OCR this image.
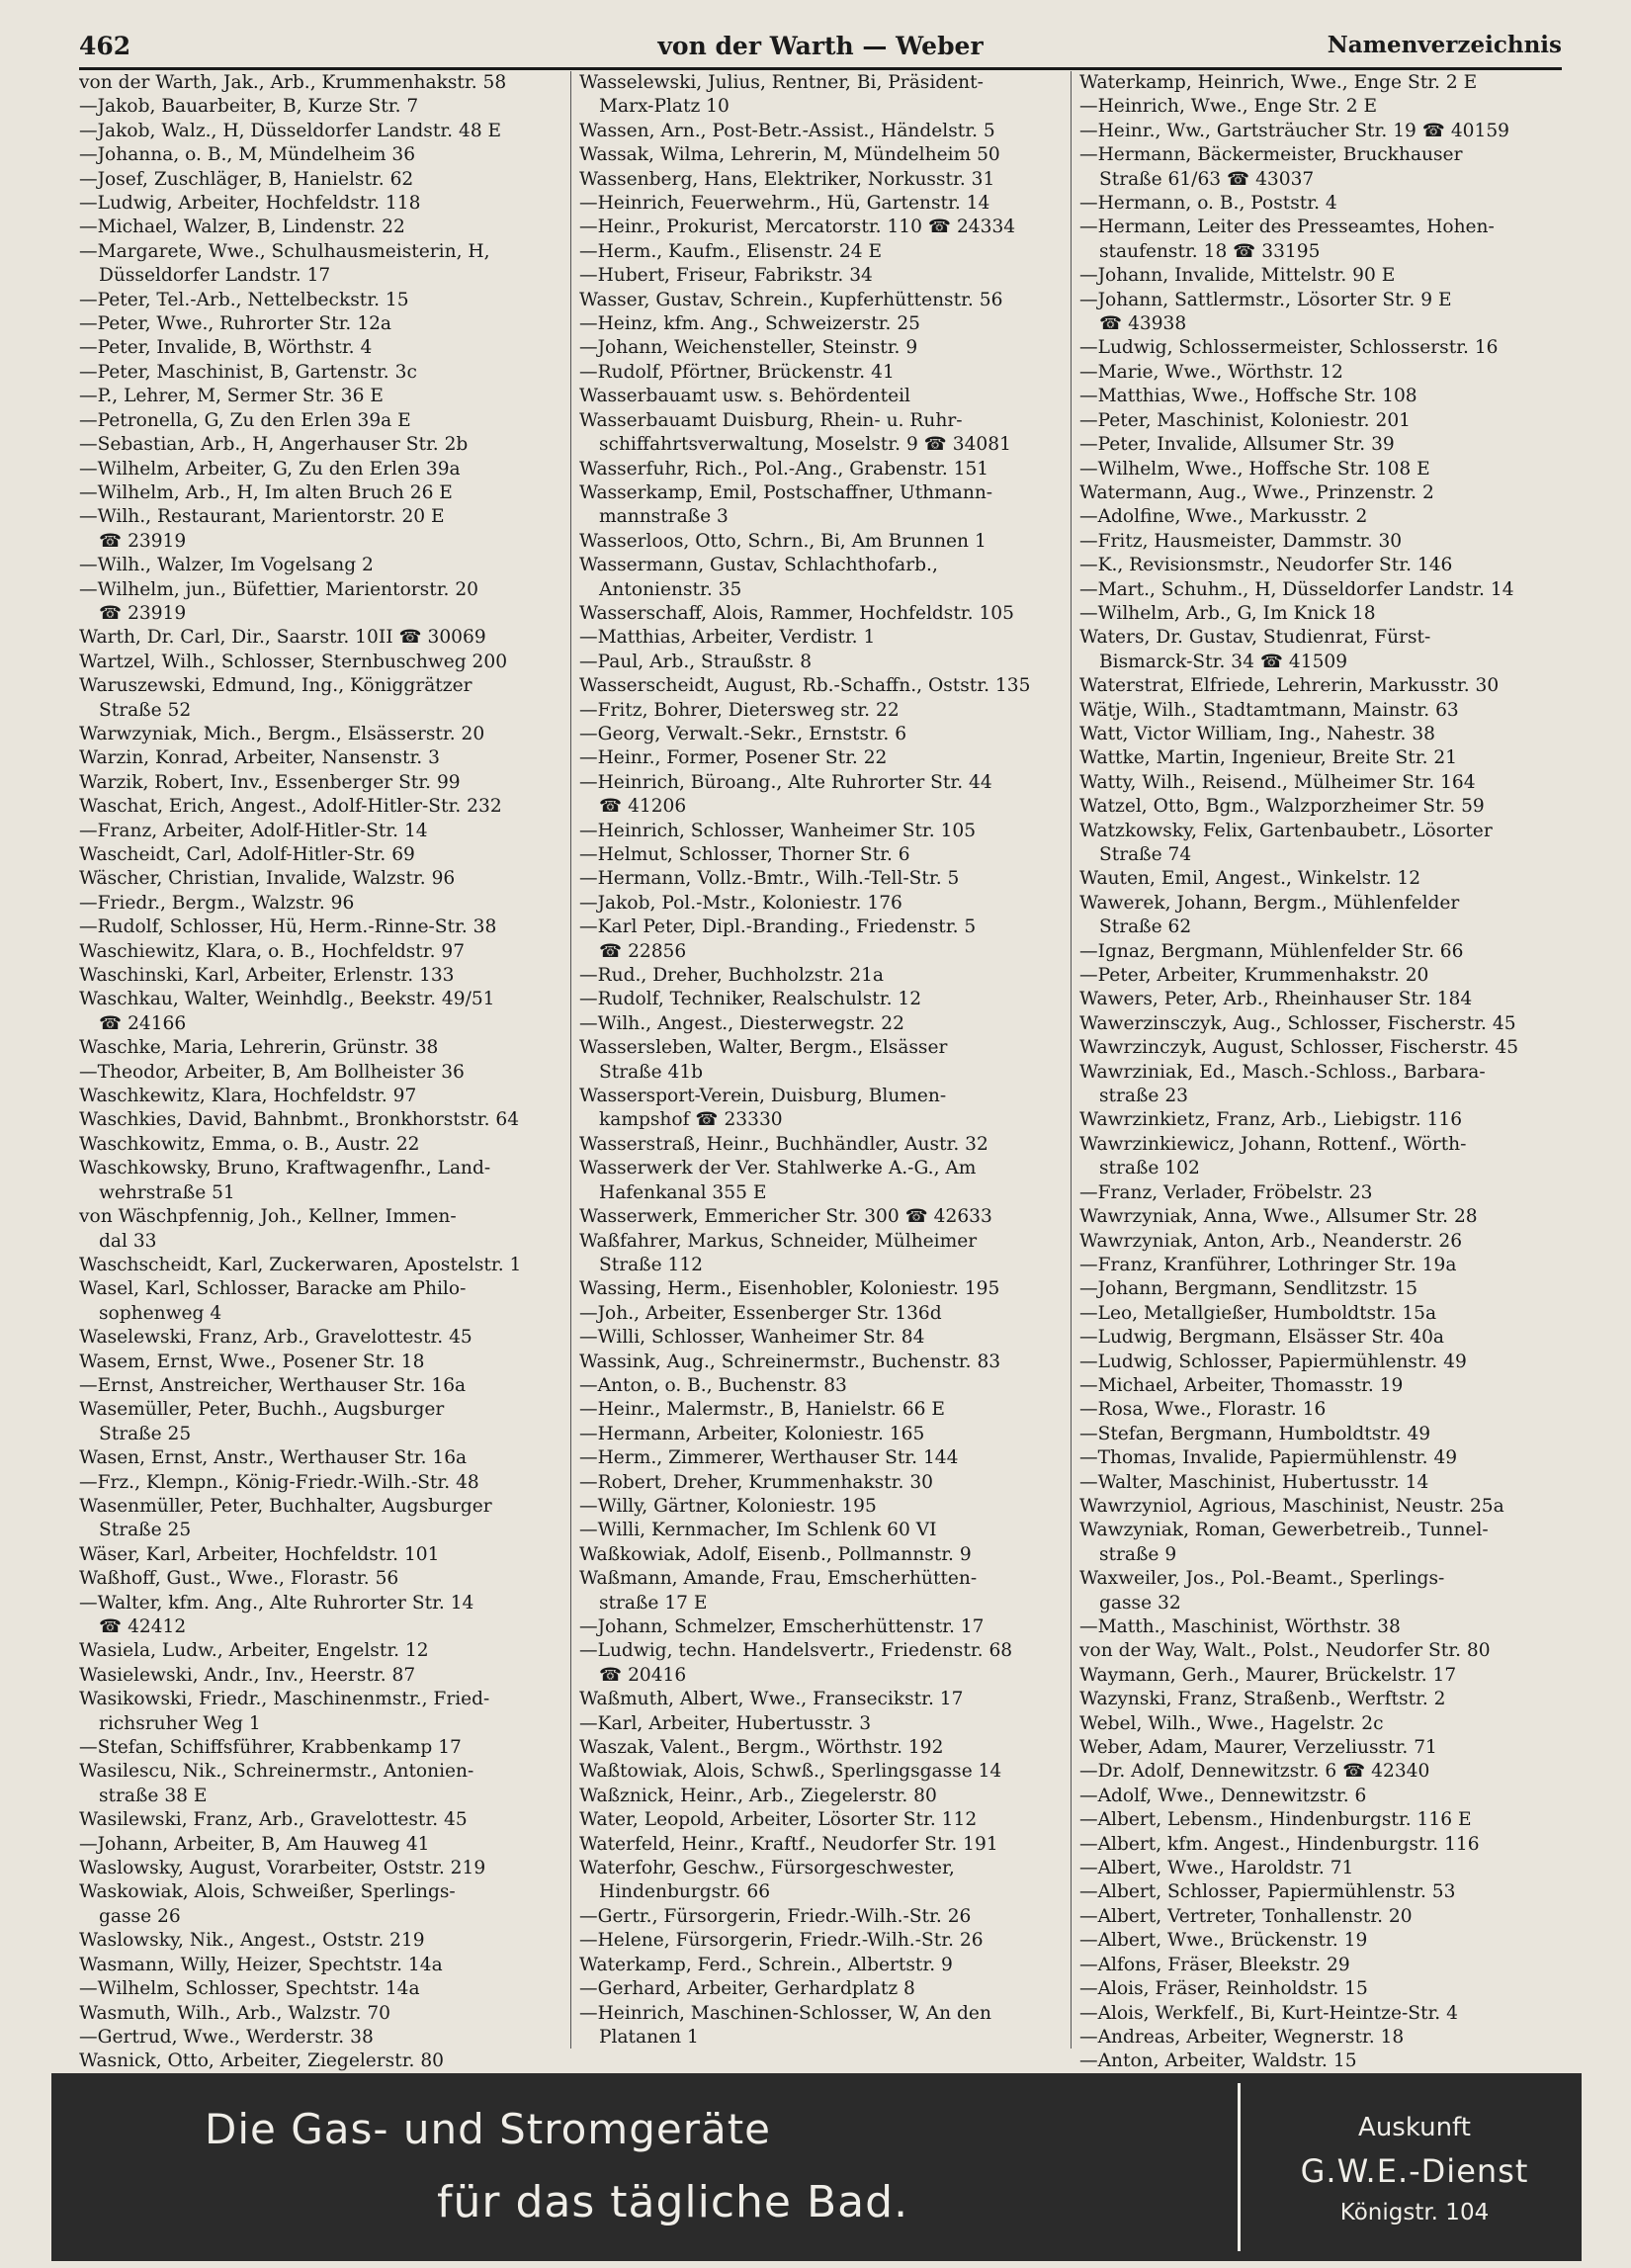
462	von der Warth — Weber	Namenverzeichnis

von der Warth, Jak., Arb., Krummenhakstr. 58

—Jakob, Bauarbeiter, B, Kurze Str. 7

—Jakob, Walz., H, Düsseldorfer Landstr. 48 E

—Johanna, o. B., M, Mündelheim 36

—Josef, Zuschläger, B, Hanielstr. 62

—Ludwig, Arbeiter, Hochfeldstr. 118

—Michael, Walzer, B, Lindenstr. 22

—Margarete, Wwe., Schulhausmeisterin, H,

Düsseldorfer Landstr. 17

—Peter, Tel.-Arb., Nettelbeckstr. 15

—Peter, Wwe., Ruhrorter Str. 12a

—Peter, Invalide, B, Wörthstr. 4

—Peter, Maschinist, B, Gartenstr. 3c

—P., Lehrer, M, Sermer Str. 36 E

—Petronella, G, Zu den Erlen 39a E

—Sebastian, Arb., H, Angerhauser Str. 2b

—Wilhelm, Arbeiter, G, Zu den Erlen 39a

—Wilhelm, Arb., H, Im alten Bruch 26 E

—Wilh., Restaurant, Marientorstr. 20 E

☎ 23919

—Wilh., Walzer, Im Vogelsang 2

—Wilhelm, jun., Büfettier, Marientorstr. 20

☎ 23919

Warth, Dr. Carl, Dir., Saarstr. 10II ☎ 30069

Wartzel, Wilh., Schlosser, Sternbuschweg 200

Waruszewski, Edmund, Ing., Königgrätzer

Straße 52

Warwzyniak, Mich., Bergm., Elsässerstr. 20

Warzin, Konrad, Arbeiter, Nansenstr. 3

Warzik, Robert, Inv., Essenberger Str. 99

Waschat, Erich, Angest., Adolf-Hitler-Str. 232

—Franz, Arbeiter, Adolf-Hitler-Str. 14

Wascheidt, Carl, Adolf-Hitler-Str. 69

Wäscher, Christian, Invalide, Walzstr. 96

—Friedr., Bergm., Walzstr. 96

—Rudolf, Schlosser, Hü, Herm.-Rinne-Str. 38

Waschiewitz, Klara, o. B., Hochfeldstr. 97

Waschinski, Karl, Arbeiter, Erlenstr. 133

Waschkau, Walter, Weinhdlg., Beekstr. 49/51

☎ 24166

Waschke, Maria, Lehrerin, Grünstr. 38

—Theodor, Arbeiter, B, Am Bollheister 36

Waschkewitz, Klara, Hochfeldstr. 97

Waschkies, David, Bahnbmt., Bronkhorststr. 64

Waschkowitz, Emma, o. B., Austr. 22

Waschkowsky, Bruno, Kraftwagenfhr., Land-

wehrstraße 51

von Wäschpfennig, Joh., Kellner, Immen-

dal 33

Waschscheidt, Karl, Zuckerwaren, Apostelstr. 1

Wasel, Karl, Schlosser, Baracke am Philo-

sophenweg 4

Waselewski, Franz, Arb., Gravelottestr. 45

Wasem, Ernst, Wwe., Posener Str. 18

—Ernst, Anstreicher, Werthauser Str. 16a

Wasemüller, Peter, Buchh., Augsburger

Straße 25

Wasen, Ernst, Anstr., Werthauser Str. 16a

—Frz., Klempn., König-Friedr.-Wilh.-Str. 48

Wasenmüller, Peter, Buchhalter, Augsburger

Straße 25

Wäser, Karl, Arbeiter, Hochfeldstr. 101

Waßhoff, Gust., Wwe., Florastr. 56

—Walter, kfm. Ang., Alte Ruhrorter Str. 14

☎ 42412

Wasiela, Ludw., Arbeiter, Engelstr. 12

Wasielewski, Andr., Inv., Heerstr. 87

Wasikowski, Friedr., Maschinenmstr., Fried-

richsruher Weg 1

—Stefan, Schiffsführer, Krabbenkamp 17

Wasilescu, Nik., Schreinermstr., Antonien-

straße 38 E

Wasilewski, Franz, Arb., Gravelottestr. 45

—Johann, Arbeiter, B, Am Hauweg 41

Waslowsky, August, Vorarbeiter, Oststr. 219

Waskowiak, Alois, Schweißer, Sperlings-

gasse 26

Waslowsky, Nik., Angest., Oststr. 219

Wasmann, Willy, Heizer, Spechtstr. 14a

—Wilhelm, Schlosser, Spechtstr. 14a

Wasmuth, Wilh., Arb., Walzstr. 70

—Gertrud, Wwe., Werderstr. 38

Wasnick, Otto, Arbeiter, Ziegelerstr. 80

Wasselewski, Julius, Rentner, Bi, Präsident-

Marx-Platz 10

Wassen, Arn., Post-Betr.-Assist., Händelstr. 5

Wassak, Wilma, Lehrerin, M, Mündelheim 50

Wassenberg, Hans, Elektriker, Norkusstr. 31

—Heinrich, Feuerwehrm., Hü, Gartenstr. 14

—Heinr., Prokurist, Mercatorstr. 110 ☎ 24334

—Herm., Kaufm., Elisenstr. 24 E

—Hubert, Friseur, Fabrikstr. 34

Wasser, Gustav, Schrein., Kupferhüttenstr. 56

—Heinz, kfm. Ang., Schweizerstr. 25

—Johann, Weichensteller, Steinstr. 9

—Rudolf, Pförtner, Brückenstr. 41

Wasserbauamt usw. s. Behördenteil

Wasserbauamt Duisburg, Rhein- u. Ruhr-

schiffahrtsverwaltung, Moselstr. 9 ☎ 34081

Wasserfuhr, Rich., Pol.-Ang., Grabenstr. 151

Wasserkamp, Emil, Postschaffner, Uthmann-

mannstraße 3

Wasserloos, Otto, Schrn., Bi, Am Brunnen 1

Wassermann, Gustav, Schlachthofarb.,

Antonienstr. 35

Wasserschaff, Alois, Rammer, Hochfeldstr. 105

—Matthias, Arbeiter, Verdistr. 1

—Paul, Arb., Straußstr. 8

Wasserscheidt, August, Rb.-Schaffn., Oststr. 135

—Fritz, Bohrer, Dietersweg str. 22

—Georg, Verwalt.-Sekr., Ernststr. 6

—Heinr., Former, Posener Str. 22

—Heinrich, Büroang., Alte Ruhrorter Str. 44

☎ 41206

—Heinrich, Schlosser, Wanheimer Str. 105

—Helmut, Schlosser, Thorner Str. 6

—Hermann, Vollz.-Bmtr., Wilh.-Tell-Str. 5

—Jakob, Pol.-Mstr., Koloniestr. 176

—Karl Peter, Dipl.-Branding., Friedenstr. 5

☎ 22856

—Rud., Dreher, Buchholzstr. 21a

—Rudolf, Techniker, Realschulstr. 12

—Wilh., Angest., Diesterwegstr. 22

Wassersleben, Walter, Bergm., Elsässer

Straße 41b

Wassersport-Verein, Duisburg, Blumen-

kampshof ☎ 23330

Wasserstraß, Heinr., Buchhändler, Austr. 32

Wasserwerk der Ver. Stahlwerke A.-G., Am

Hafenkanal 355 E

Wasserwerk, Emmericher Str. 300 ☎ 42633

Waßfahrer, Markus, Schneider, Mülheimer

Straße 112

Wassing, Herm., Eisenhobler, Koloniestr. 195

—Joh., Arbeiter, Essenberger Str. 136d

—Willi, Schlosser, Wanheimer Str. 84

Wassink, Aug., Schreinermstr., Buchenstr. 83

—Anton, o. B., Buchenstr. 83

—Heinr., Malermstr., B, Hanielstr. 66 E

—Hermann, Arbeiter, Koloniestr. 165

—Herm., Zimmerer, Werthauser Str. 144

—Robert, Dreher, Krummenhakstr. 30

—Willy, Gärtner, Koloniestr. 195

—Willi, Kernmacher, Im Schlenk 60 VI

Waßkowiak, Adolf, Eisenb., Pollmannstr. 9

Waßmann, Amande, Frau, Emscherhütten-

straße 17 E

—Johann, Schmelzer, Emscherhüttenstr. 17

—Ludwig, techn. Handelsvertr., Friedenstr. 68

☎ 20416

Waßmuth, Albert, Wwe., Fransecikstr. 17

—Karl, Arbeiter, Hubertusstr. 3

Waszak, Valent., Bergm., Wörthstr. 192

Waßtowiak, Alois, Schwß., Sperlingsgasse 14

Waßznick, Heinr., Arb., Ziegelerstr. 80

Water, Leopold, Arbeiter, Lösorter Str. 112

Waterfeld, Heinr., Kraftf., Neudorfer Str. 191

Waterfohr, Geschw., Fürsorgeschwester,

Hindenburgstr. 66

—Gertr., Fürsorgerin, Friedr.-Wilh.-Str. 26

—Helene, Fürsorgerin, Friedr.-Wilh.-Str. 26

Waterkamp, Ferd., Schrein., Albertstr. 9

—Gerhard, Arbeiter, Gerhardplatz 8

—Heinrich, Maschinen-Schlosser, W, An den

Platanen 1

Waterkamp, Heinrich, Wwe., Enge Str. 2 E

—Heinrich, Wwe., Enge Str. 2 E

—Heinr., Ww., Gartsträucher Str. 19 ☎ 40159

—Hermann, Bäckermeister, Bruckhauser

Straße 61/63 ☎ 43037

—Hermann, o. B., Poststr. 4

—Hermann, Leiter des Presseamtes, Hohen-

staufenstr. 18 ☎ 33195

—Johann, Invalide, Mittelstr. 90 E

—Johann, Sattlermstr., Lösorter Str. 9 E

☎ 43938

—Ludwig, Schlossermeister, Schlosserstr. 16

—Marie, Wwe., Wörthstr. 12

—Matthias, Wwe., Hoffsche Str. 108

—Peter, Maschinist, Koloniestr. 201

—Peter, Invalide, Allsumer Str. 39

—Wilhelm, Wwe., Hoffsche Str. 108 E

Watermann, Aug., Wwe., Prinzenstr. 2

—Adolfine, Wwe., Markusstr. 2

—Fritz, Hausmeister, Dammstr. 30

—K., Revisionsmstr., Neudorfer Str. 146

—Mart., Schuhm., H, Düsseldorfer Landstr. 14

—Wilhelm, Arb., G, Im Knick 18

Waters, Dr. Gustav, Studienrat, Fürst-

Bismarck-Str. 34 ☎ 41509

Waterstrat, Elfriede, Lehrerin, Markusstr. 30

Wätje, Wilh., Stadtamtmann, Mainstr. 63

Watt, Victor William, Ing., Nahestr. 38

Wattke, Martin, Ingenieur, Breite Str. 21

Watty, Wilh., Reisend., Mülheimer Str. 164

Watzel, Otto, Bgm., Walzporzheimer Str. 59

Watzkowsky, Felix, Gartenbaubetr., Lösorter

Straße 74

Wauten, Emil, Angest., Winkelstr. 12

Wawerek, Johann, Bergm., Mühlenfelder

Straße 62

—Ignaz, Bergmann, Mühlenfelder Str. 66

—Peter, Arbeiter, Krummenhakstr. 20

Wawers, Peter, Arb., Rheinhauser Str. 184

Wawerzinsczyk, Aug., Schlosser, Fischerstr. 45

Wawrzinczyk, August, Schlosser, Fischerstr. 45

Wawrziniak, Ed., Masch.-Schloss., Barbara-

straße 23

Wawrzinkietz, Franz, Arb., Liebigstr. 116

Wawrzinkiewicz, Johann, Rottenf., Wörth-

straße 102

—Franz, Verlader, Fröbelstr. 23

Wawrzyniak, Anna, Wwe., Allsumer Str. 28

Wawrzyniak, Anton, Arb., Neanderstr. 26

—Franz, Kranführer, Lothringer Str. 19a

—Johann, Bergmann, Sendlitzstr. 15

—Leo, Metallgießer, Humboldtstr. 15a

—Ludwig, Bergmann, Elsässer Str. 40a

—Ludwig, Schlosser, Papiermühlenstr. 49

—Michael, Arbeiter, Thomasstr. 19

—Rosa, Wwe., Florastr. 16

—Stefan, Bergmann, Humboldtstr. 49

—Thomas, Invalide, Papiermühlenstr. 49

—Walter, Maschinist, Hubertusstr. 14

Wawrzyniol, Agrious, Maschinist, Neustr. 25a

Wawzyniak, Roman, Gewerbetreib., Tunnel-

straße 9

Waxweiler, Jos., Pol.-Beamt., Sperlings-

gasse 32

—Matth., Maschinist, Wörthstr. 38

von der Way, Walt., Polst., Neudorfer Str. 80

Waymann, Gerh., Maurer, Brückelstr. 17

Wazynski, Franz, Straßenb., Werftstr. 2

Webel, Wilh., Wwe., Hagelstr. 2c

Weber, Adam, Maurer, Verzeliusstr. 71

—Dr. Adolf, Dennewitzstr. 6 ☎ 42340

—Adolf, Wwe., Dennewitzstr. 6

—Albert, Lebensm., Hindenburgstr. 116 E

—Albert, kfm. Angest., Hindenburgstr. 116

—Albert, Wwe., Haroldstr. 71

—Albert, Schlosser, Papiermühlenstr. 53

—Albert, Vertreter, Tonhallenstr. 20

—Albert, Wwe., Brückenstr. 19

—Alfons, Fräser, Bleekstr. 29

—Alois, Fräser, Reinholdstr. 15

—Alois, Werkfelf., Bi, Kurt-Heintze-Str. 4

—Andreas, Arbeiter, Wegnerstr. 18

—Anton, Arbeiter, Waldstr. 15

Die Gas- und Stromgeräte
für das tägliche Bad.
Auskunft
G.W.E.-Dienst
Königstr. 104
